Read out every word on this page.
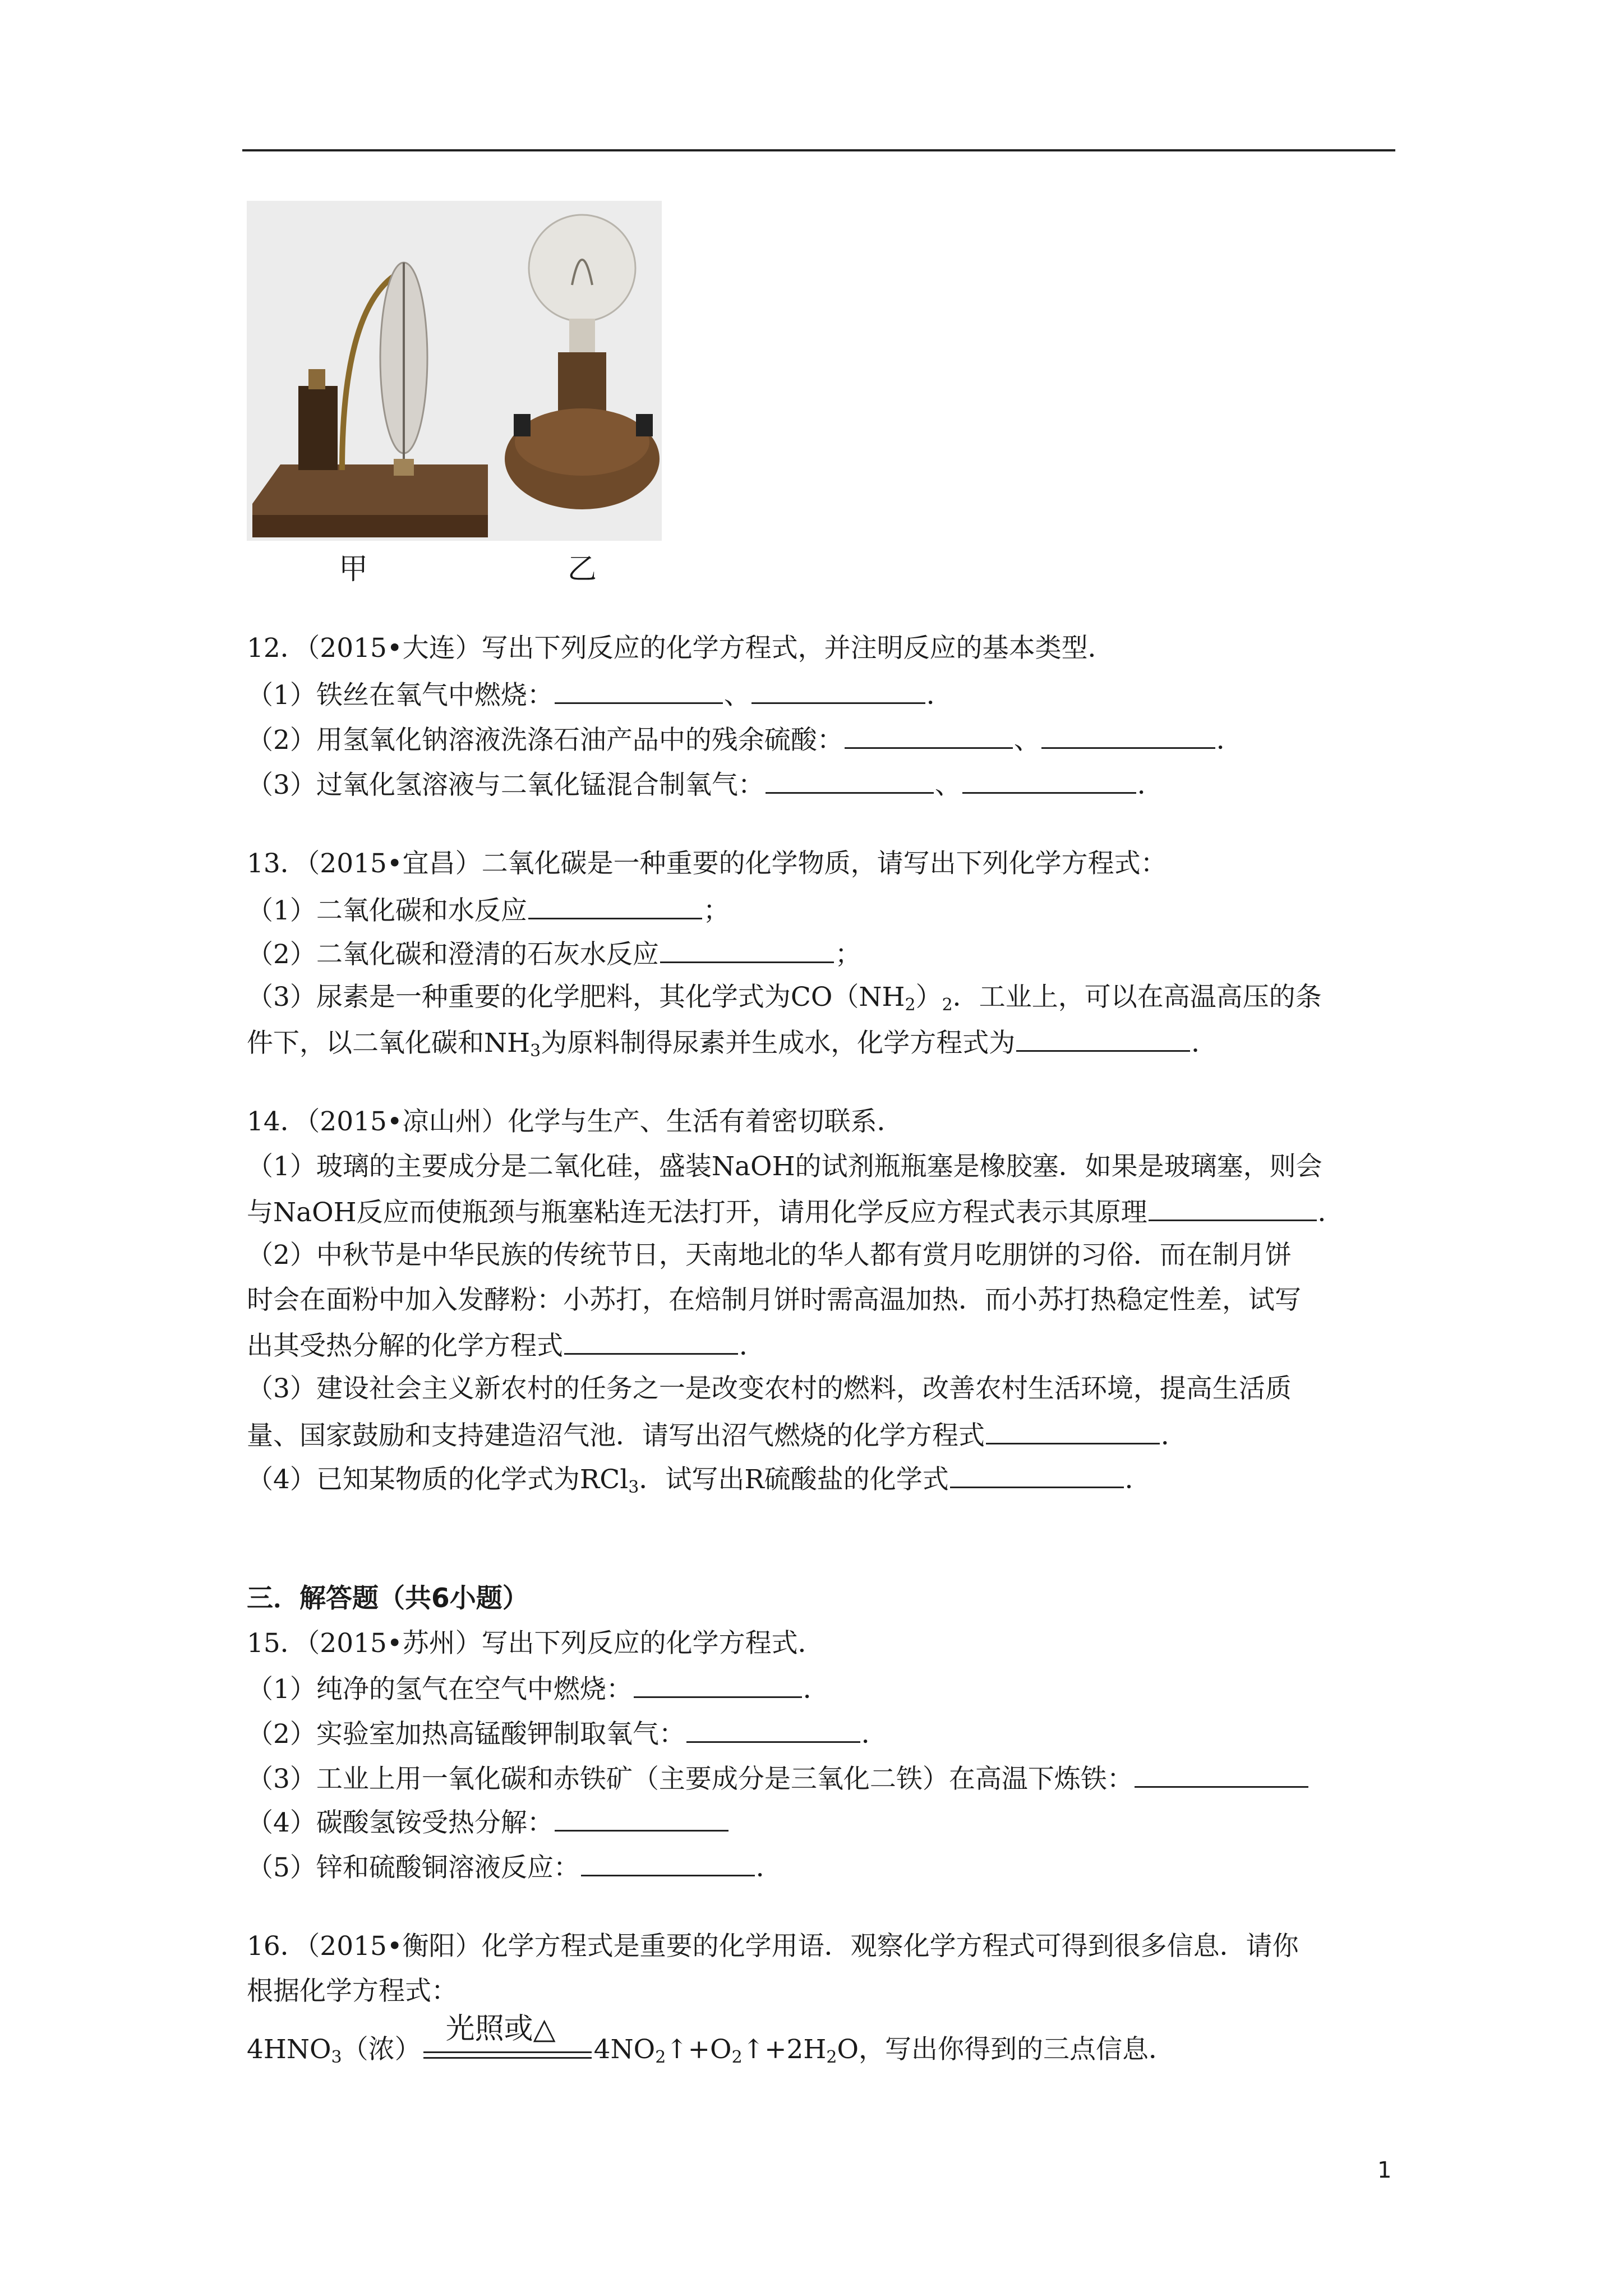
甲	乙
12．（2015•大连）写出下列反应的化学方程式，并注明反应的基本类型．
（1）铁丝在氧气中燃烧：	、	．
（2）用氢氧化钠溶液洗涤石油产品中的残余硫酸：	、	．
（3）过氧化氢溶液与二氧化锰混合制氧气：	、	．
13．（2015•宜昌）二氧化碳是一种重要的化学物质，请写出下列化学方程式：
（1）二氧化碳和水反应	；
（2）二氧化碳和澄清的石灰水反应	；
（3）尿素是一种重要的化学肥料，其化学式为$CO(NH_2)_2$．工业上，可以在高温高压的条
件下，以二氧化碳和$NH_3$为原料制得尿素并生成水，化学方程式为	．
14．（2015•凉山州）化学与生产、生活有着密切联系．
（1）玻璃的主要成分是二氧化硅，盛装NaOH的试剂瓶瓶塞是橡胶塞．如果是玻璃塞，则会
与NaOH反应而使瓶颈与瓶塞粘连无法打开，请用化学反应方程式表示其原理	．
（2）中秋节是中华民族的传统节日，天南地北的华人都有赏月吃朋饼的习俗．而在制月饼
时会在面粉中加入发酵粉：小苏打，在焙制月饼时需高温加热．而小苏打热稳定性差，试写
出其受热分解的化学方程式	．
（3）建设社会主义新农村的任务之一是改变农村的燃料，改善农村生活环境，提高生活质
量、国家鼓励和支持建造沼气池．请写出沼气燃烧的化学方程式	．
（4）已知某物质的化学式为RCl$_3$．试写出R硫酸盐的化学式	．
三．解答题（共6小题）
15．（2015•苏州）写出下列反应的化学方程式．
（1）纯净的氢气在空气中燃烧：	．
（2）实验室加热高锰酸钾制取氧气：	．
（3）工业上用一氧化碳和赤铁矿（主要成分是三氧化二铁）在高温下炼铁：
（4）碳酸氢铵受热分解：
（5）锌和硫酸铜溶液反应：	．
16．（2015•衡阳）化学方程式是重要的化学用语．观察化学方程式可得到很多信息．请你
根据化学方程式：
$4HNO_3$（浓）
光照或△
$4NO_2↑+O_2↑+2H_2O$，写出你得到的三点信息．
1
